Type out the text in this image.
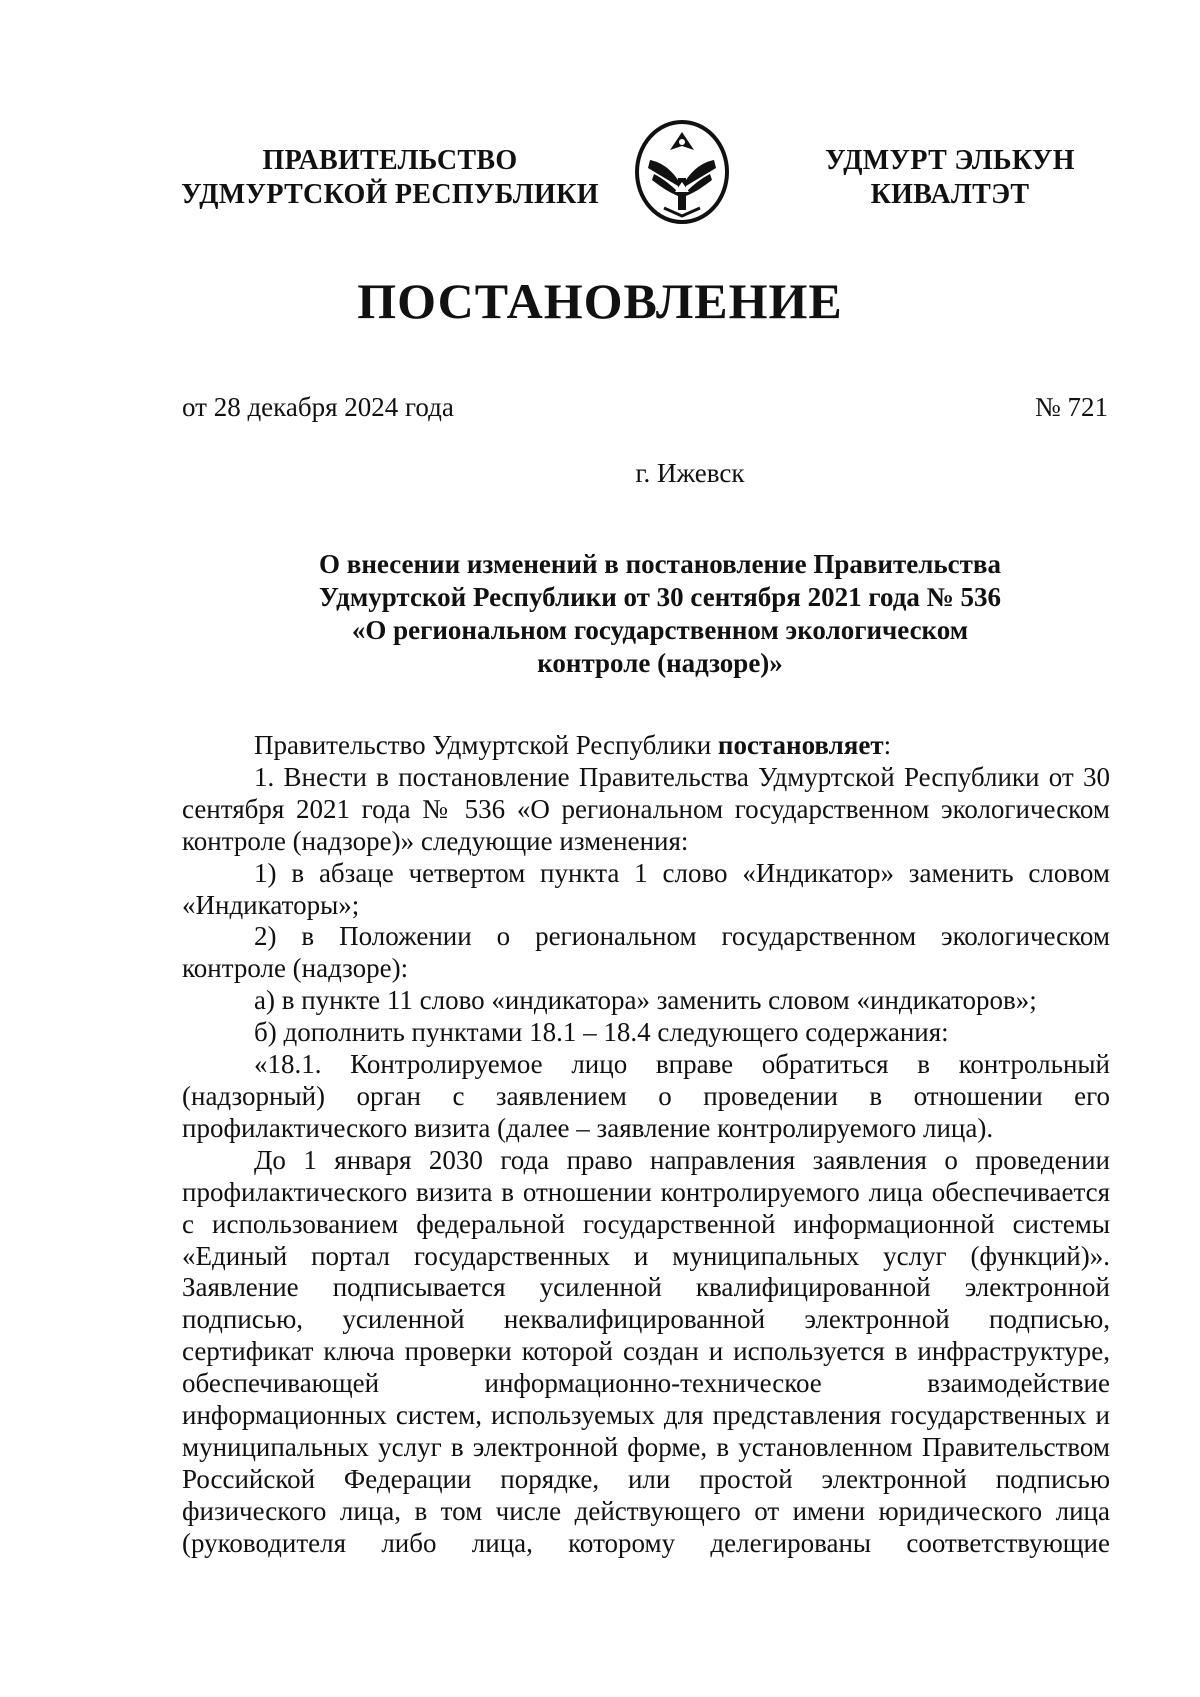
ПРАВИТЕЛЬСТВО
УДМУРТСКОЙ РЕСПУБЛИКИ
УДМУРТ ЭЛЬКУН
КИВАЛТЭТ
ПОСТАНОВЛЕНИЕ
от 28 декабря 2024 года	№ 721
г. Ижевск
О внесении изменений в постановление Правительства
Удмуртской Республики от 30 сентября 2021 года № 536
«О региональном государственном экологическом
контроле (надзоре)»

Правительство Удмуртской Республики постановляет:

1. Внести в постановление Правительства Удмуртской Республики от 30 сентября 2021 года № 536 «О региональном государственном экологическом контроле (надзоре)» следующие изменения:

1) в абзаце четвертом пункта 1 слово «Индикатор» заменить словом «Индикаторы»;

2) в Положении о региональном государственном экологическом контроле (надзоре):

а) в пункте 11 слово «индикатора» заменить словом «индикаторов»;

б) дополнить пунктами 18.1 – 18.4 следующего содержания:

«18.1. Контролируемое лицо вправе обратиться в контрольный (надзорный) орган с заявлением о проведении в отношении его профилактического визита (далее – заявление контролируемого лица).

До 1 января 2030 года право направления заявления о проведении профилактического визита в отношении контролируемого лица обеспечивается с использованием федеральной государственной информационной системы «Единый портал государственных и муниципальных услуг (функций)». Заявление подписывается усиленной квалифицированной электронной подписью, усиленной неквалифицированной электронной подписью, сертификат ключа проверки которой создан и используется в инфраструктуре, обеспечивающей информационно-техническое взаимодействие информационных систем, используемых для представления государственных и муниципальных услуг в электронной форме, в установленном Правительством Российской Федерации порядке, или простой электронной подписью физического лица, в том числе действующего от имени юридического лица (руководителя либо лица, которому делегированы соответствующие
